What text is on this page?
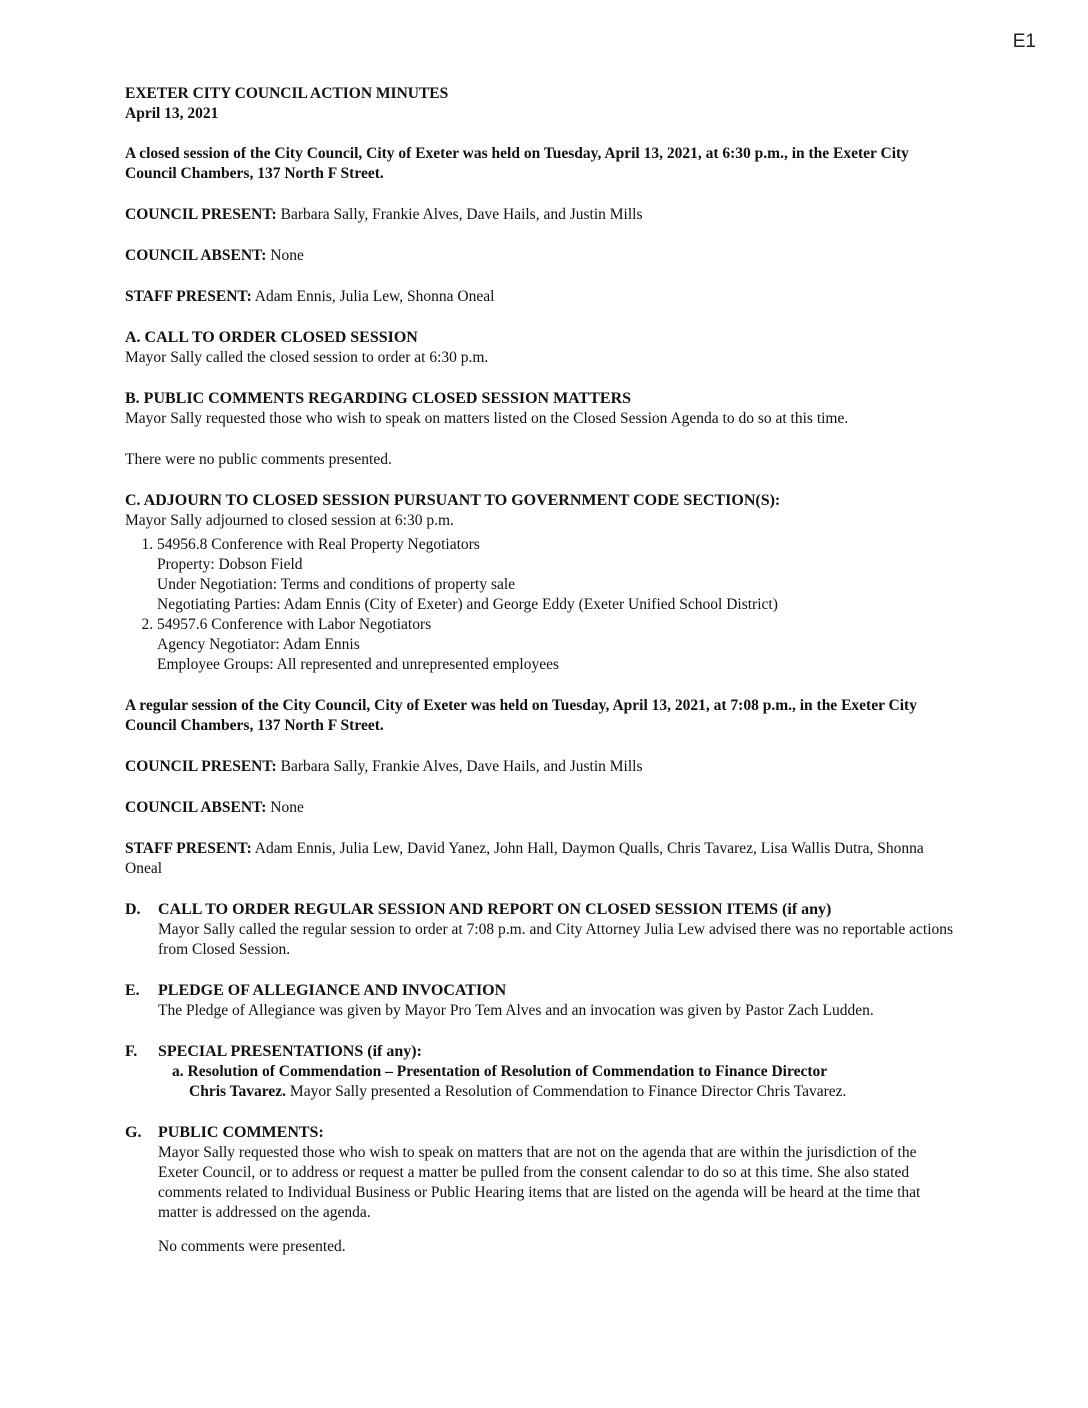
E1

EXETER CITY COUNCIL ACTION MINUTES

April 13, 2021

A closed session of the City Council, City of Exeter was held on Tuesday, April 13, 2021, at 6:30 p.m., in the Exeter City Council Chambers, 137 North F Street.

COUNCIL PRESENT: Barbara Sally, Frankie Alves, Dave Hails, and Justin Mills

COUNCIL ABSENT: None

STAFF PRESENT: Adam Ennis, Julia Lew, Shonna Oneal

A. CALL TO ORDER CLOSED SESSION

Mayor Sally called the closed session to order at 6:30 p.m.

B. PUBLIC COMMENTS REGARDING CLOSED SESSION MATTERS

Mayor Sally requested those who wish to speak on matters listed on the Closed Session Agenda to do so at this time.

There were no public comments presented.

C. ADJOURN TO CLOSED SESSION PURSUANT TO GOVERNMENT CODE SECTION(S):

Mayor Sally adjourned to closed session at 6:30 p.m.

1. 54956.8 Conference with Real Property Negotiators
Property: Dobson Field
Under Negotiation: Terms and conditions of property sale
Negotiating Parties: Adam Ennis (City of Exeter) and George Eddy (Exeter Unified School District)
2. 54957.6 Conference with Labor Negotiators
Agency Negotiator: Adam Ennis
Employee Groups: All represented and unrepresented employees

A regular session of the City Council, City of Exeter was held on Tuesday, April 13, 2021, at 7:08 p.m., in the Exeter City Council Chambers, 137 North F Street.

COUNCIL PRESENT: Barbara Sally, Frankie Alves, Dave Hails, and Justin Mills

COUNCIL ABSENT: None

STAFF PRESENT: Adam Ennis, Julia Lew, David Yanez, John Hall, Daymon Qualls, Chris Tavarez, Lisa Wallis Dutra, Shonna Oneal

D.	CALL TO ORDER REGULAR SESSION AND REPORT ON CLOSED SESSION ITEMS (if any)

Mayor Sally called the regular session to order at 7:08 p.m. and City Attorney Julia Lew advised there was no reportable actions from Closed Session.

E.	PLEDGE OF ALLEGIANCE AND INVOCATION

The Pledge of Allegiance was given by Mayor Pro Tem Alves and an invocation was given by Pastor Zach Ludden.

F.	SPECIAL PRESENTATIONS (if any):

a. Resolution of Commendation – Presentation of Resolution of Commendation to Finance Director

Chris Tavarez. Mayor Sally presented a Resolution of Commendation to Finance Director Chris Tavarez.

G.	PUBLIC COMMENTS:

Mayor Sally requested those who wish to speak on matters that are not on the agenda that are within the jurisdiction of the Exeter Council, or to address or request a matter be pulled from the consent calendar to do so at this time. She also stated comments related to Individual Business or Public Hearing items that are listed on the agenda will be heard at the time that matter is addressed on the agenda.

No comments were presented.
